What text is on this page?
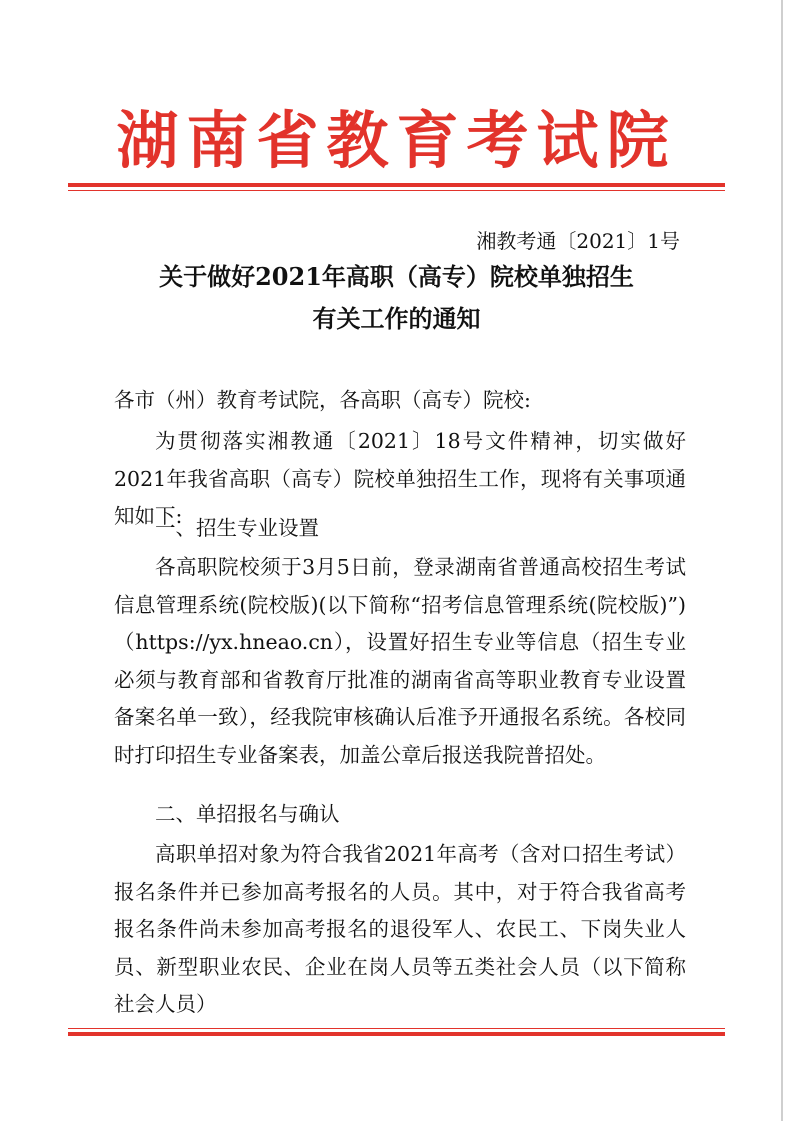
湖南省教育考试院
湘教考通〔2021〕1号
关于做好2021年高职（高专）院校单独招生
有关工作的通知
各市（州）教育考试院，各高职（高专）院校:
为贯彻落实湘教通〔2021〕18号文件精神，切实做好2021年我省高职（高专）院校单独招生工作，现将有关事项通知如下:
一、招生专业设置
各高职院校须于3月5日前，登录湖南省普通高校招生考试信息管理系统(院校版)(以下简称“招考信息管理系统(院校版)”)（https://yx.hneao.cn），设置好招生专业等信息（招生专业必须与教育部和省教育厅批准的湖南省高等职业教育专业设置备案名单一致），经我院审核确认后准予开通报名系统。各校同时打印招生专业备案表，加盖公章后报送我院普招处。
二、单招报名与确认
高职单招对象为符合我省2021年高考（含对口招生考试）报名条件并已参加高考报名的人员。其中，对于符合我省高考报名条件尚未参加高考报名的退役军人、农民工、下岗失业人员、新型职业农民、企业在岗人员等五类社会人员（以下简称社会人员）
